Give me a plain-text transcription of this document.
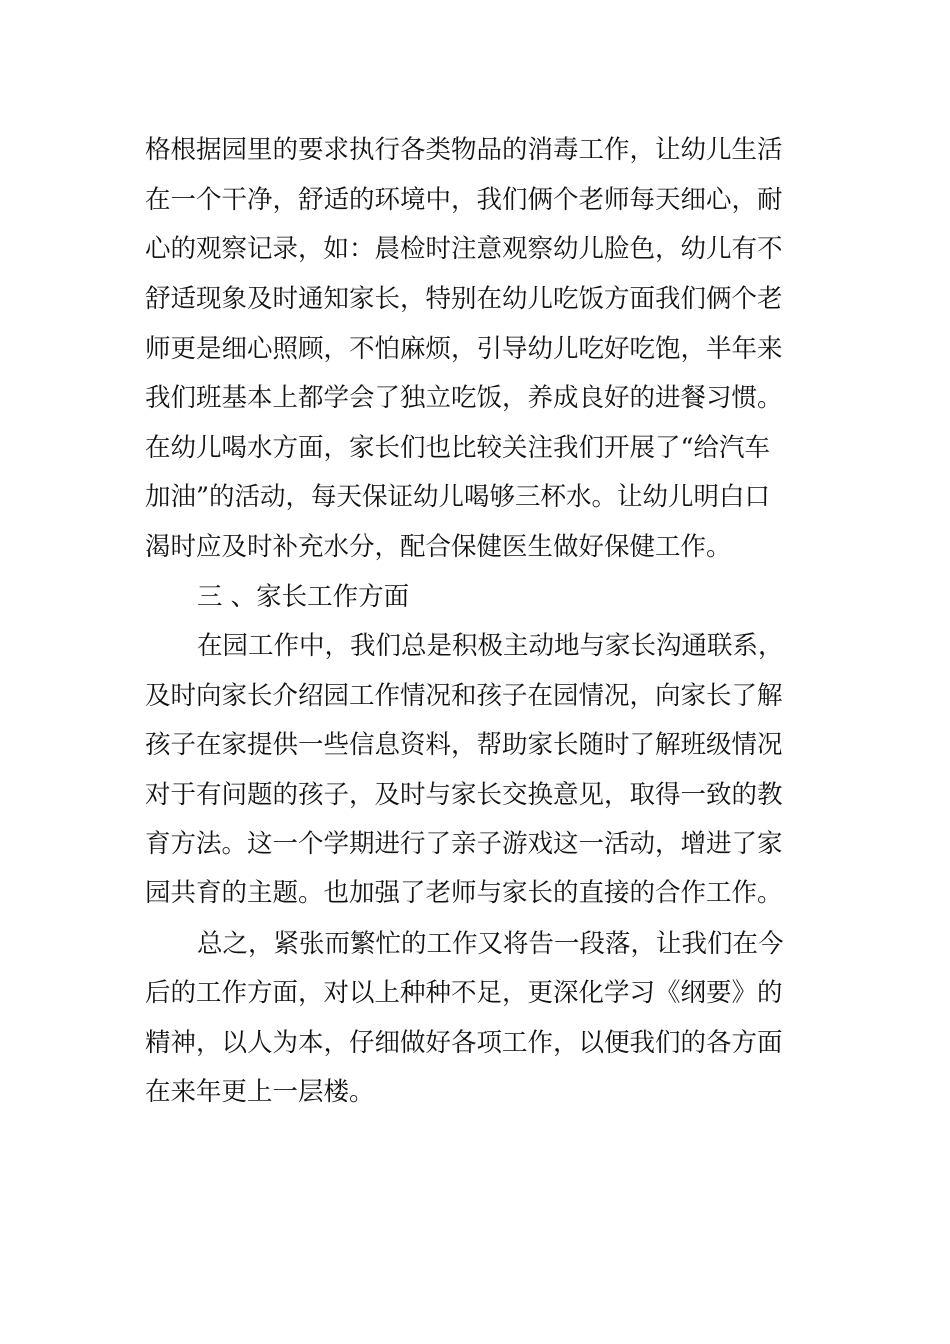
格根据园里的要求执行各类物品的消毒工作，让幼儿生活
在一个干净，舒适的环境中，我们俩个老师每天细心，耐
心的观察记录，如：晨检时注意观察幼儿脸色，幼儿有不
舒适现象及时通知家长，特别在幼儿吃饭方面我们俩个老
师更是细心照顾，不怕麻烦，引导幼儿吃好吃饱，半年来
我们班基本上都学会了独立吃饭，养成良好的进餐习惯。
在幼儿喝水方面，家长们也比较关注我们开展了“给汽车
加油”的活动，每天保证幼儿喝够三杯水。让幼儿明白口
渴时应及时补充水分，配合保健医生做好保健工作。
三 、家长工作方面
在园工作中，我们总是积极主动地与家长沟通联系，
及时向家长介绍园工作情况和孩子在园情况，向家长了解
孩子在家提供一些信息资料，帮助家长随时了解班级情况
对于有问题的孩子，及时与家长交换意见，取得一致的教
育方法。这一个学期进行了亲子游戏这一活动，增进了家
园共育的主题。也加强了老师与家长的直接的合作工作。
总之，紧张而繁忙的工作又将告一段落，让我们在今
后的工作方面，对以上种种不足，更深化学习《纲要》的
精神，以人为本，仔细做好各项工作，以便我们的各方面
在来年更上一层楼。
